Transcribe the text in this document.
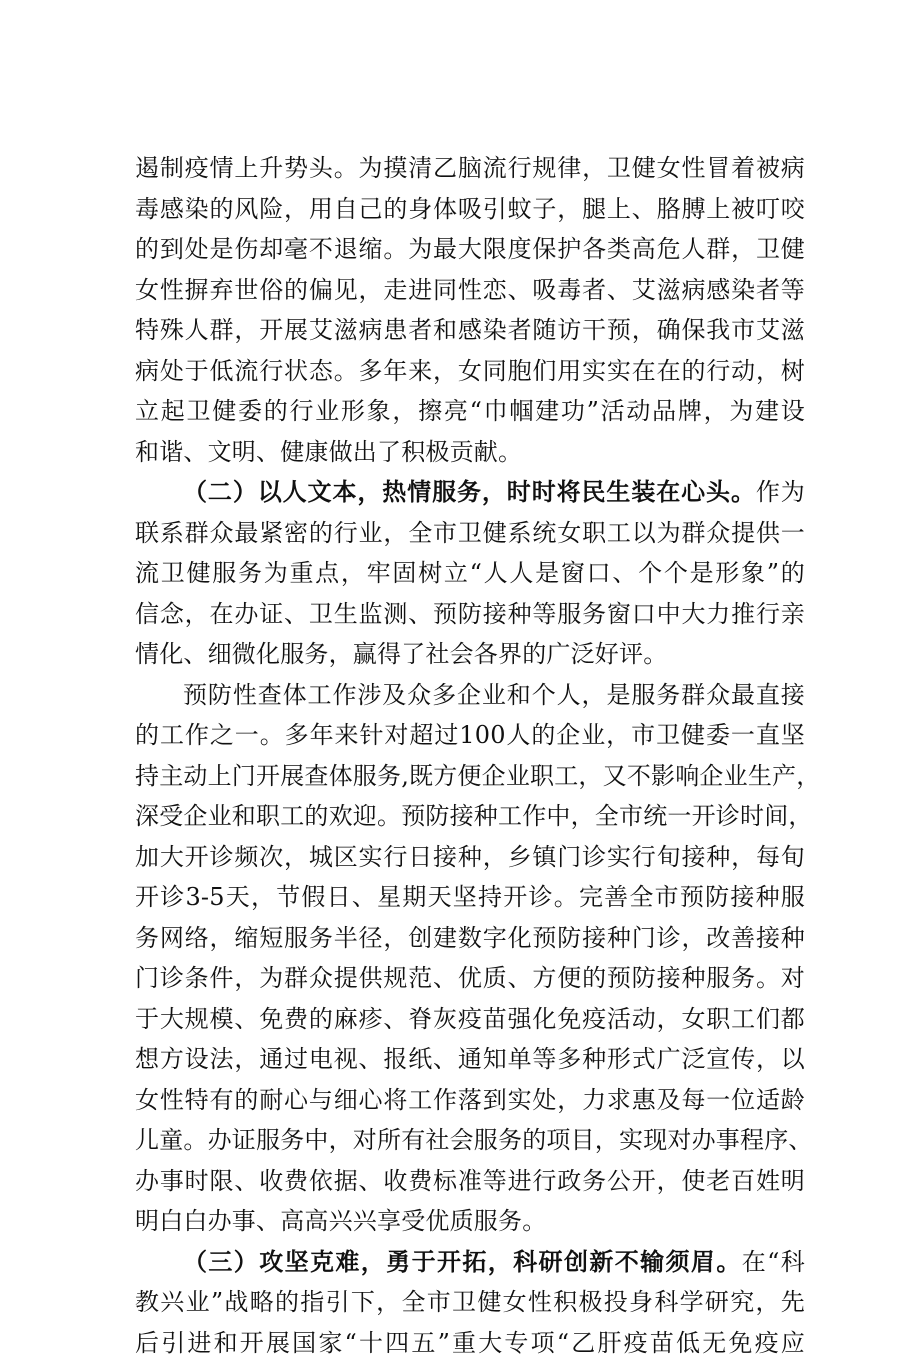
遏制疫情上升势头。为摸清乙脑流行规律，卫健女性冒着被病
毒感染的风险，用自己的身体吸引蚊子，腿上、胳膊上被叮咬
的到处是伤却毫不退缩。为最大限度保护各类高危人群，卫健
女性摒弃世俗的偏见，走进同性恋、吸毒者、艾滋病感染者等
特殊人群，开展艾滋病患者和感染者随访干预，确保我市艾滋
病处于低流行状态。多年来，女同胞们用实实在在的行动，树
立起卫健委的行业形象，擦亮“巾帼建功”活动品牌，为建设
和谐、文明、健康做出了积极贡献。
（二）以人文本，热情服务，时时将民生装在心头。作为
联系群众最紧密的行业，全市卫健系统女职工以为群众提供一
流卫健服务为重点，牢固树立“人人是窗口、个个是形象”的
信念，在办证、卫生监测、预防接种等服务窗口中大力推行亲
情化、细微化服务，赢得了社会各界的广泛好评。
预防性查体工作涉及众多企业和个人，是服务群众最直接
的工作之一。多年来针对超过100人的企业，市卫健委一直坚
持主动上门开展查体服务,既方便企业职工，又不影响企业生产，
深受企业和职工的欢迎。预防接种工作中，全市统一开诊时间，
加大开诊频次，城区实行日接种，乡镇门诊实行旬接种，每旬
开诊3-5天，节假日、星期天坚持开诊。完善全市预防接种服
务网络，缩短服务半径，创建数字化预防接种门诊，改善接种
门诊条件，为群众提供规范、优质、方便的预防接种服务。对
于大规模、免费的麻疹、脊灰疫苗强化免疫活动，女职工们都
想方设法，通过电视、报纸、通知单等多种形式广泛宣传，以
女性特有的耐心与细心将工作落到实处，力求惠及每一位适龄
儿童。办证服务中，对所有社会服务的项目，实现对办事程序、
办事时限、收费依据、收费标准等进行政务公开，使老百姓明
明白白办事、高高兴兴享受优质服务。
（三）攻坚克难，勇于开拓，科研创新不输须眉。在“科
教兴业”战略的指引下，全市卫健女性积极投身科学研究，先
后引进和开展国家“十四五”重大专项“乙肝疫苗低无免疫应
